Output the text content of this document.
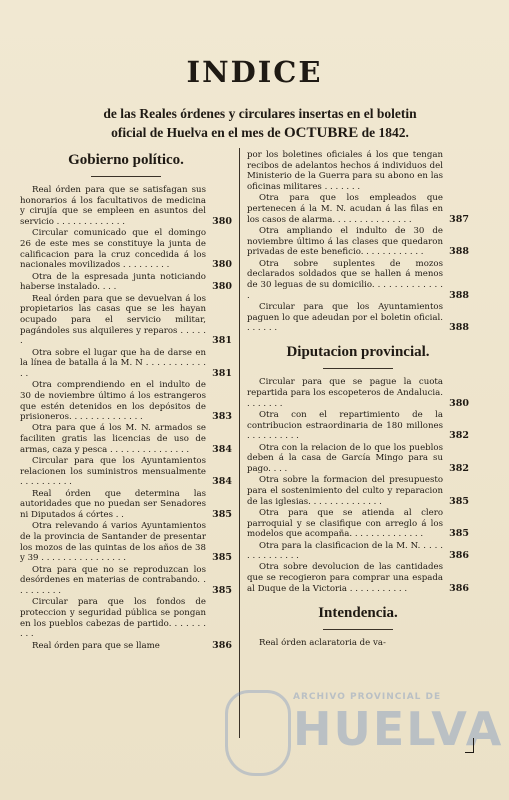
INDICE
de las Reales órdenes y circulares insertas en el boletin
oficial de Huelva en el mes de OCTUBRE de 1842.
Gobierno político.
Real órden para que se satisfagan sus honorarios á los facultativos de medicina y cirujía que se empleen en asuntos del servicio . . . . . . . . . . . . .	380
Circular comunicado que el domingo 26 de este mes se constituye la junta de calificacion para la cruz concedida á los nacionales movilizados . . . . . . . . .	380
Otra de la espresada junta noticiando haberse instalado. . . .	380
Real órden para que se devuelvan á los propietarios las casas que se les hayan ocupado para el servicio militar, pagándoles sus alquileres y reparos . . . . . .	381
Otra sobre el lugar que ha de darse en la línea de batalla á la M. N . . . . . . . . . . . . .	381
Otra comprendiendo en el indulto de 30 de noviembre último á los estrangeros que estén detenidos en los depósitos de prisioneros. . . . . . . . . . . . . .	383
Otra para que á los M. N. armados se faciliten gratis las licencias de uso de armas, caza y pesca . . . . . . . . . . . . . . .	384
Circular para que los Ayuntamientos relacionen los suministros mensualmente . . . . . . . . . .	384
Real órden que determina las autoridades que no puedan ser Senadores ni Diputados á córtes . .	385
Otra relevando á varios Ayuntamientos de la provincia de Santander de presentar los mozos de las quintas de los años de 38 y 39 . . . . . . . . . . . . . . . .	385
Otra para que no se reproduzcan los desórdenes en materias de contrabando. . . . . . . . . .	385
Circular para que los fondos de proteccion y seguridad pública se pongan en los pueblos cabezas de partido. . . . . . . . . .
Real órden para que se llame	386
por los boletines oficiales á los que tengan recibos de adelantos hechos á individuos del Ministerio de la Guerra para su abono en las oficinas militares . . . . . . .
Otra para que los empleados que pertenecen á la M. N. acudan á las filas en los casos de alarma. . . . . . . . . . . . . . .	387
Otra ampliando el indulto de 30 de noviembre último á las clases que quedaron privadas de este beneficio. . . . . . . . . . . .	388
Otra sobre suplentes de mozos declarados soldados que se hallen á menos de 30 leguas de su domicilio. . . . . . . . . . . . . .	388
Circular para que los Ayuntamientos paguen lo que adeudan por el boletin oficial. . . . . . .	388
Diputacion provincial.
Circular para que se pague la cuota repartida para los escopeteros de Andalucia. . . . . . . .	380
Otra con el repartimiento de la contribucion estraordinaria de 180 millones . . . . . . . . . .	382
Otra con la relacion de lo que los pueblos deben á la casa de García Mingo para su pago. . . .	382
Otra sobre la formacion del presupuesto para el sostenimiento del culto y reparacion de las iglesias. . . . . . . . . . . . . .	385
Otra para que se atienda al clero parroquial y se clasifique con arreglo á los modelos que acompaña. . . . . . . . . . . . . .	385
Otra para la clasificacion de la M. N. . . . . . . . . . . . . . .	386
Otra sobre devolucion de las cantidades que se recogieron para comprar una espada al Duque de la Victoria . . . . . . . . . . .	386
Intendencia.
Real órden aclaratoria de va-
ARCHIVO PROVINCIAL DE
HUELVA
